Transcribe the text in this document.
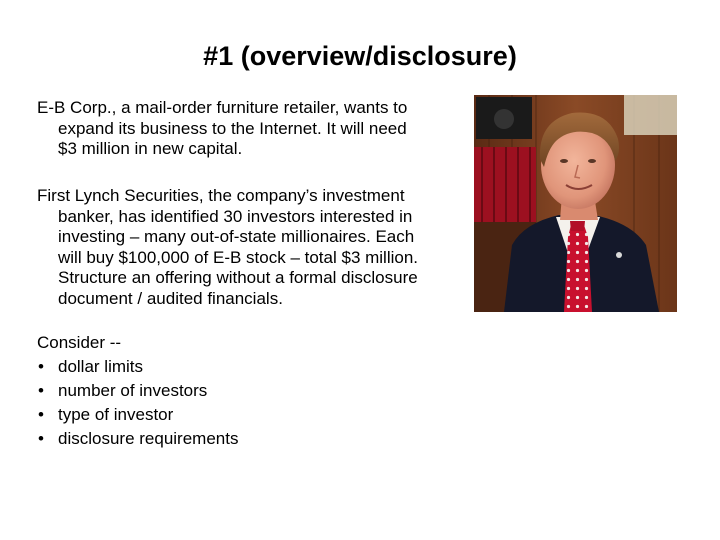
#1 (overview/disclosure)
E-B Corp., a mail-order furniture retailer, wants to
expand its business to the Internet. It will need
$3 million in new capital.
First Lynch Securities, the company’s investment
banker, has identified 30 investors interested in
investing – many out-of-state millionaires. Each
will buy $100,000 of E-B stock – total $3 million.
Structure an offering without a formal disclosure
document / audited financials.
Consider --
• dollar limits
• number of investors
• type of investor
• disclosure requirements
